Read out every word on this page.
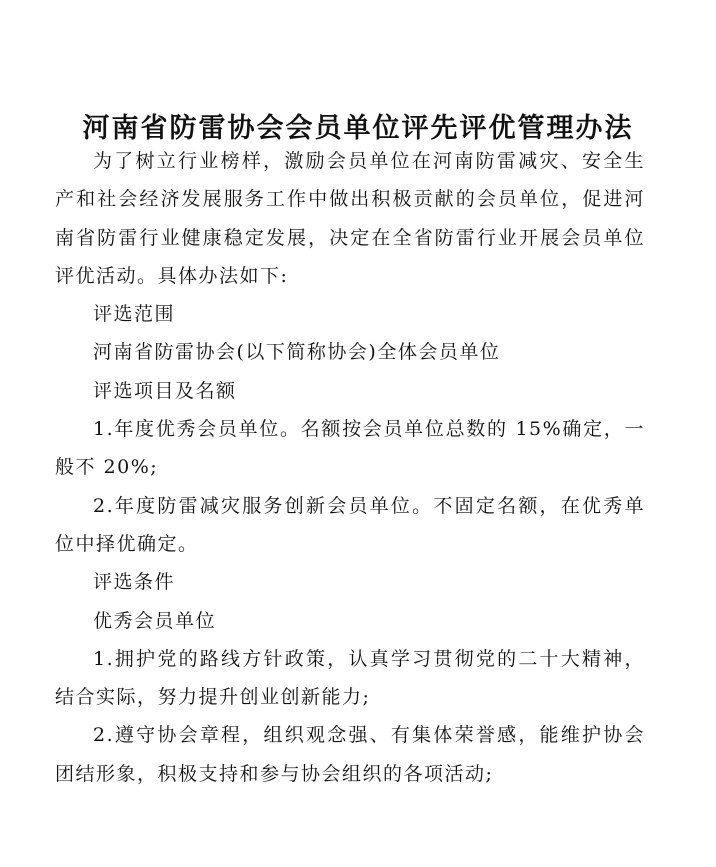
河南省防雷协会会员单位评先评优管理办法

为了树立行业榜样，激励会员单位在河南防雷减灾、安全生产和社会经济发展服务工作中做出积极贡献的会员单位，促进河南省防雷行业健康稳定发展，决定在全省防雷行业开展会员单位评优活动。具体办法如下:

评选范围

河南省防雷协会(以下简称协会)全体会员单位

评选项目及名额

1.年度优秀会员单位。名额按会员单位总数的 15%确定，一般不 20%;

2.年度防雷减灾服务创新会员单位。不固定名额，在优秀单位中择优确定。

评选条件

优秀会员单位

1.拥护党的路线方针政策，认真学习贯彻党的二十大精神，结合实际，努力提升创业创新能力;

2.遵守协会章程，组织观念强、有集体荣誉感，能维护协会团结形象，积极支持和参与协会组织的各项活动;
